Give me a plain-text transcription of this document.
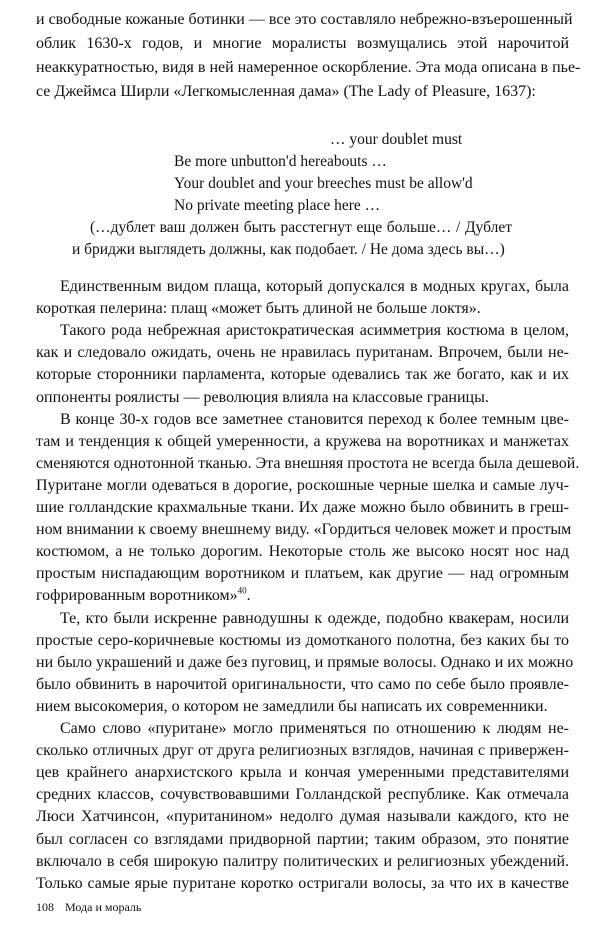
и свободные кожаные ботинки — все это составляло небрежно-взъерошенный
облик 1630-х годов, и многие моралисты возмущались этой нарочитой
неаккуратностью, видя в ней намеренное оскорбление. Эта мода описана в пье-
се Джеймса Ширли «Легкомысленная дама» (The Lady of Pleasure, 1637):
… your doublet must
Be more unbutton'd hereabouts …
Your doublet and your breeches must be allow'd
No private meeting place here …
(…дублет ваш должен быть расстегнут еще больше… / Дублет
и бриджи выглядеть должны, как подобает. / Не дома здесь вы…)
108 Мода и мораль
Единственным видом плаща, который допускался в модных кругах, была
короткая пелерина: плащ «может быть длиной не больше локтя».
Такого рода небрежная аристократическая асимметрия костюма в целом,
как и следовало ожидать, очень не нравилась пуританам. Впрочем, были не-
которые сторонники парламента, которые одевались так же богато, как и их
оппоненты роялисты — революция влияла на классовые границы.
В конце 30-х годов все заметнее становится переход к более темным цве-
там и тенденция к общей умеренности, а кружева на воротниках и манжетах
сменяются однотонной тканью. Эта внешняя простота не всегда была дешевой.
Пуритане могли одеваться в дорогие, роскошные черные шелка и самые луч-
шие голландские крахмальные ткани. Их даже можно было обвинить в греш-
ном внимании к своему внешнему виду. «Гордиться человек может и простым
костюмом, а не только дорогим. Некоторые столь же высоко носят нос над
простым ниспадающим воротником и платьем, как другие — над огромным
гофрированным воротником»$^{40}$.
Те, кто были искренне равнодушны к одежде, подобно квакерам, носили
простые серо-коричневые костюмы из домотканого полотна, без каких бы то
ни было украшений и даже без пуговиц, и прямые волосы. Однако и их можно
было обвинить в нарочитой оригинальности, что само по себе было проявле-
нием высокомерия, о котором не замедлили бы написать их современники.
Само слово «пуритане» могло применяться по отношению к людям не-
сколько отличных друг от друга религиозных взглядов, начиная с привержен-
цев крайнего анархистского крыла и кончая умеренными представителями
средних классов, сочувствовавшими Голландской республике. Как отмечала
Люси Хатчинсон, «пуританином» недолго думая называли каждого, кто не
был согласен со взглядами придворной партии; таким образом, это понятие
включало в себя широкую палитру политических и религиозных убеждений.
Только самые ярые пуритане коротко остригали волосы, за что их в качестве
